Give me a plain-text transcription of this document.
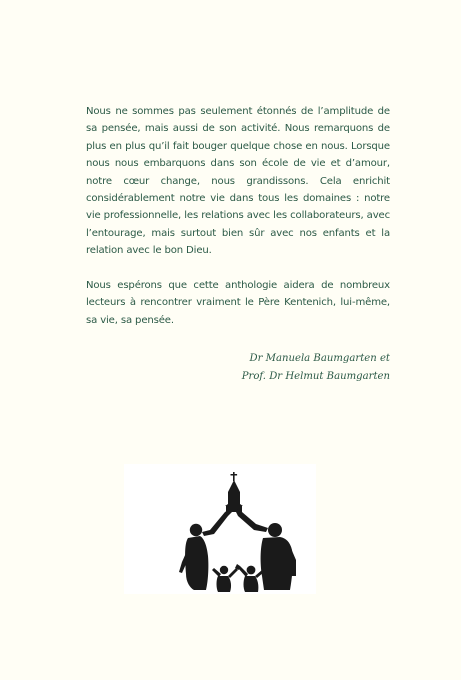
Nous ne sommes pas seulement étonnés de l’amplitude de sa pensée, mais aussi de son activité. Nous remarquons de plus en plus qu’il fait bouger quelque chose en nous. Lorsque nous nous embarquons dans son école de vie et d’amour, notre cœur change, nous grandissons. Cela enrichit considérablement notre vie dans tous les domaines : notre vie professionnelle, les relations avec les collaborateurs, avec l’entourage, mais surtout bien sûr avec nos enfants et la relation avec le bon Dieu.

Nous espérons que cette anthologie aidera de nombreux lecteurs à rencontrer vraiment le Père Kentenich, lui-même, sa vie, sa pensée.

Dr Manuela Baumgarten et
Prof. Dr Helmut Baumgarten
